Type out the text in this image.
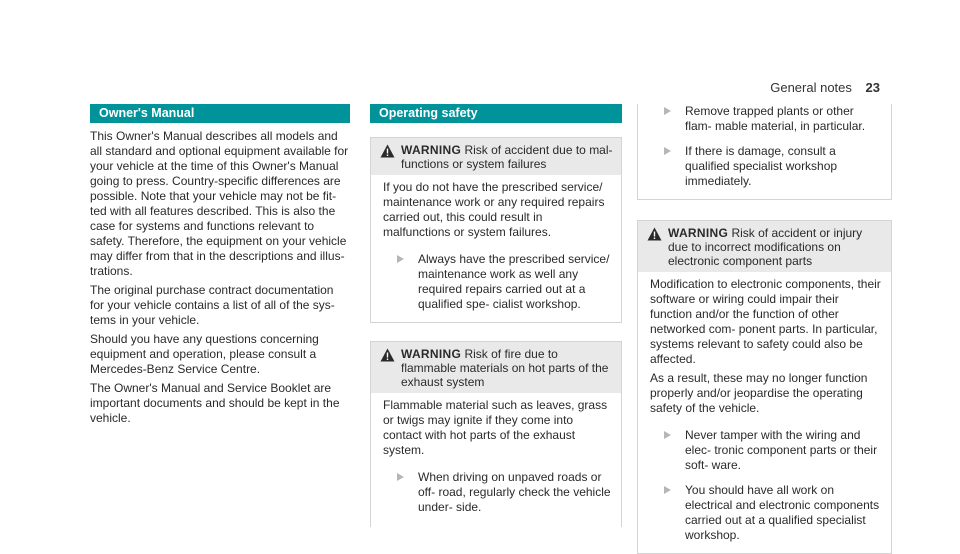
General notes 23
Owner's Manual

This Owner's Manual describes all models and all standard and optional equipment available for your vehicle at the time of this Owner's Manual going to press. Country-specific differences are possible. Note that your vehicle may not be fit- ted with all features described. This is also the case for systems and functions relevant to safety. Therefore, the equipment on your vehicle may differ from that in the descriptions and illus- trations.

The original purchase contract documentation for your vehicle contains a list of all of the sys- tems in your vehicle.

Should you have any questions concerning equipment and operation, please consult a Mercedes-Benz Service Centre.

The Owner's Manual and Service Booklet are important documents and should be kept in the vehicle.

Operating safety
WARNING Risk of accident due to mal- functions or system failures
If you do not have the prescribed service/ maintenance work or any required repairs carried out, this could result in malfunctions or system failures.
Always have the prescribed service/ maintenance work as well any required repairs carried out at a qualified spe- cialist workshop.
WARNING Risk of fire due to flammable materials on hot parts of the exhaust system
Flammable material such as leaves, grass or twigs may ignite if they come into contact with hot parts of the exhaust system.
When driving on unpaved roads or off- road, regularly check the vehicle under- side.
Remove trapped plants or other flam- mable material, in particular.
If there is damage, consult a qualified specialist workshop immediately.
WARNING Risk of accident or injury due to incorrect modifications on electronic component parts
Modification to electronic components, their software or wiring could impair their function and/or the function of other networked com- ponent parts. In particular, systems relevant to safety could also be affected.
As a result, these may no longer function properly and/or jeopardise the operating safety of the vehicle.
Never tamper with the wiring and elec- tronic component parts or their soft- ware.
You should have all work on electrical and electronic components carried out at a qualified specialist workshop.
